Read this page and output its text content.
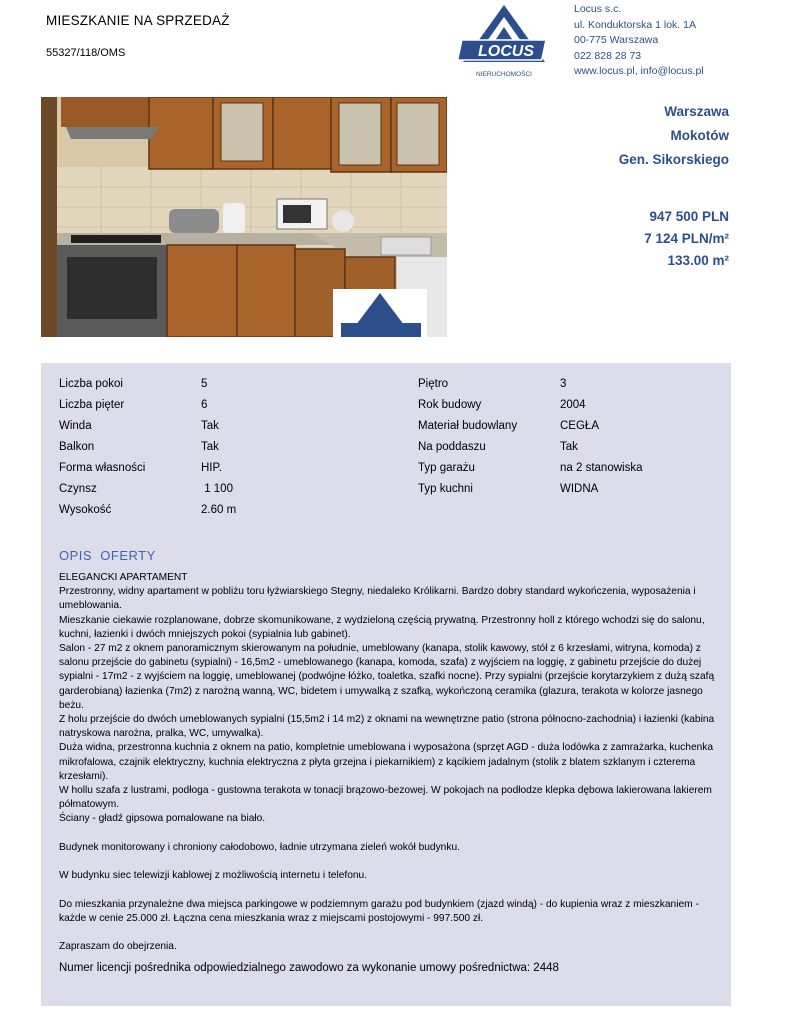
MIESZKANIE NA SPRZEDAŻ
55327/118/OMS	LOCUS
NIERUCHOMOŚCI
Locus s.c.
ul. Konduktorska 1 lok. 1A
00-775 Warszawa
022 828 28 73
www.locus.pl, info@locus.pl
Warszawa
Mokotów
Gen. Sikorskiego
947 500 PLN
7 124 PLN/m²
133.00 m²
Liczba pokoi	5
Liczba pięter	6
Winda	Tak
Balkon	Tak
Forma własności	HIP.
Czynsz	1 100
Wysokość	2.60 m
Piętro	3
Rok budowy	2004
Materiał budowlany	CEGŁA
Na poddaszu	Tak
Typ garażu	na 2 stanowiska
Typ kuchni	WIDNA
OPIS  OFERTY

ELEGANCKI APARTAMENT

Przestronny, widny apartament w pobliżu toru łyżwiarskiego Stegny, niedaleko Królikarni. Bardzo dobry standard wykończenia, wyposażenia i umeblowania.

Mieszkanie ciekawie rozplanowane, dobrze skomunikowane, z wydzieloną częścią prywatną. Przestronny holl z którego wchodzi się do salonu, kuchni, łazienki i dwóch mniejszych pokoi (sypialnia lub gabinet).

Salon - 27 m2 z oknem panoramicznym skierowanym na południe, umeblowany (kanapa, stolik kawowy, stół z 6 krzesłami, witryna, komoda) z salonu przejście do gabinetu (sypialni) - 16,5m2 - umeblowanego (kanapa, komoda, szafa) z wyjściem na loggię, z gabinetu przejście do dużej sypialni - 17m2 - z wyjściem na loggię, umeblowanej (podwójne łóżko, toaletka, szafki nocne). Przy sypialni (przejście korytarzykiem z dużą szafą garderobianą) łazienka (7m2) z narożną wanną, WC, bidetem i umywalką z szafką, wykończoną ceramika (glazura, terakota w kolorze jasnego beżu.

Z holu przejście do dwóch umeblowanych sypialni (15,5m2 i 14 m2) z oknami na wewnętrzne patio (strona północno-zachodnia) i łazienki (kabina natryskowa narożna, pralka, WC, umywalka).

Duża widna, przestronna kuchnia z oknem na patio, kompletnie umeblowana i wyposażona (sprzęt AGD - duża lodówka z zamrażarka, kuchenka mikrofalowa, czajnik elektryczny, kuchnia elektryczna z płyta grzejna i piekarnikiem) z kącikiem jadalnym (stolik z blatem szklanym i czterema krzesłami).

W hollu szafa z lustrami, podłoga - gustowna terakota w tonacji brązowo-bezowej. W pokojach na podłodze klepka dębowa lakierowana lakierem półmatowym.

Ściany - gładź gipsowa pomalowane na biało.

Budynek monitorowany i chroniony całodobowo, ładnie utrzymana zieleń wokół budynku.

W budynku siec telewizji kablowej z możliwością internetu i telefonu.

Do mieszkania przynależne dwa miejsca parkingowe w podziemnym garażu pod budynkiem (zjazd windą) - do kupienia wraz z mieszkaniem - każde w cenie 25.000 zł. Łączna cena mieszkania wraz z miejscami postojowymi - 997.500 zł.

Zapraszam do obejrzenia.

Numer licencji pośrednika odpowiedzialnego zawodowo za wykonanie umowy pośrednictwa: 2448
